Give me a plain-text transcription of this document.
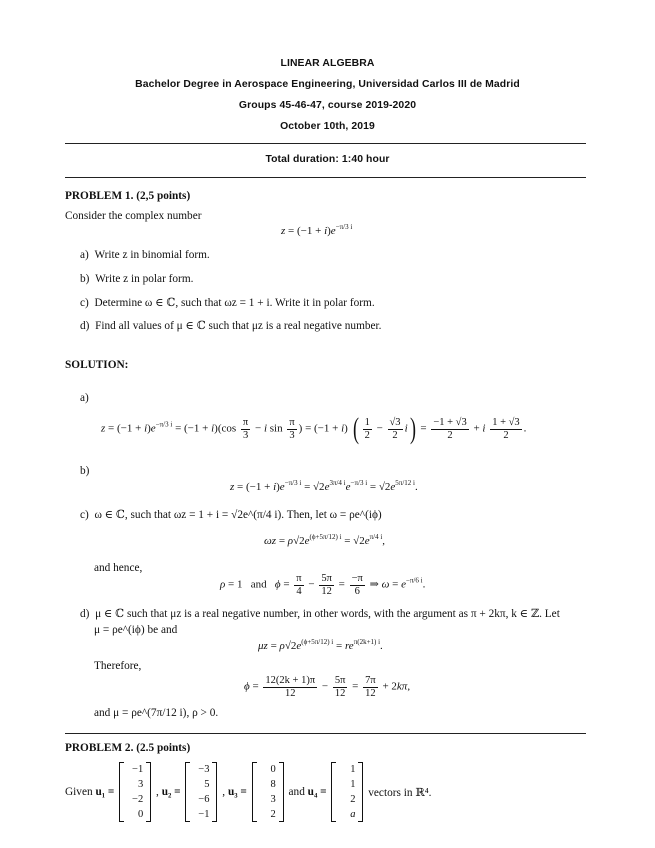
LINEAR ALGEBRA
Bachelor Degree in Aerospace Engineering, Universidad Carlos III de Madrid
Groups 45-46-47, course 2019-2020
October 10th, 2019
Total duration: 1:40 hour
PROBLEM 1. (2,5 points)
Consider the complex number
$z = (-1 + i)e^{-\pi/3 i}$
a) Write z in binomial form.
b) Write z in polar form.
c) Determine ω ∈ ℂ, such that ωz = 1 + i. Write it in polar form.
d) Find all values of μ ∈ ℂ such that μz is a real negative number.
SOLUTION:
a)
$z = (-1 + i)e^{-\pi/3 i} = (-1 + i)(\cos \frac{\pi}{3} - i$ $\sin \frac{\pi}{3}$ ) = (−1 + i) ( $\frac{1}{2} - \frac{√3}{2} i) = \frac{-1 + √3}{2} + i \frac{1 + √3}{2}$ .
b)
$z = (-1 + i)e^{-\pi/3 i} = √2e^{3\pi/4 i}e^{-\pi/3 i} = √2e^{5\pi/12 i}$.
c) ω ∈ ℂ, such that ωz = 1 + i = √2e^(π/4 i). Then, let ω = ρe^(iϕ)
$\omega z = \rho√2e^{(\phi+5\pi/12) i} = √2e^{\pi/4 i}$,
and hence,
ρ = 1   and   $\phi = \frac{\pi}{4} - \frac{5\pi}{12} = \frac{-\pi}{6}$ ⇒ $\omega = e^{-\pi/6 i}$.
d) μ ∈ ℂ such that μz is a real negative number, in other words, with the argument as π + 2kπ, k ∈ ℤ. Let
μ = ρe^(iϕ) be and
$\mu z = \rho√2e^{(\phi+5\pi/12) i} = re^{\pi(2k+1) i}$.
Therefore,
$\phi = \frac{12(2k + 1)\pi}{12} - \frac{5\pi}{12} = \frac{7\pi}{12} + 2k\pi$,
and μ = ρe^(7π/12 i), ρ > 0.
PROBLEM 2. (2.5 points)
Given u₁ =
−1
3
−2
0
, u₂ =
−3
5
−6
−1
, u₃ =
0
8
3
2
and u₄ =
1
1
2
a
vectors in ℝ⁴.
